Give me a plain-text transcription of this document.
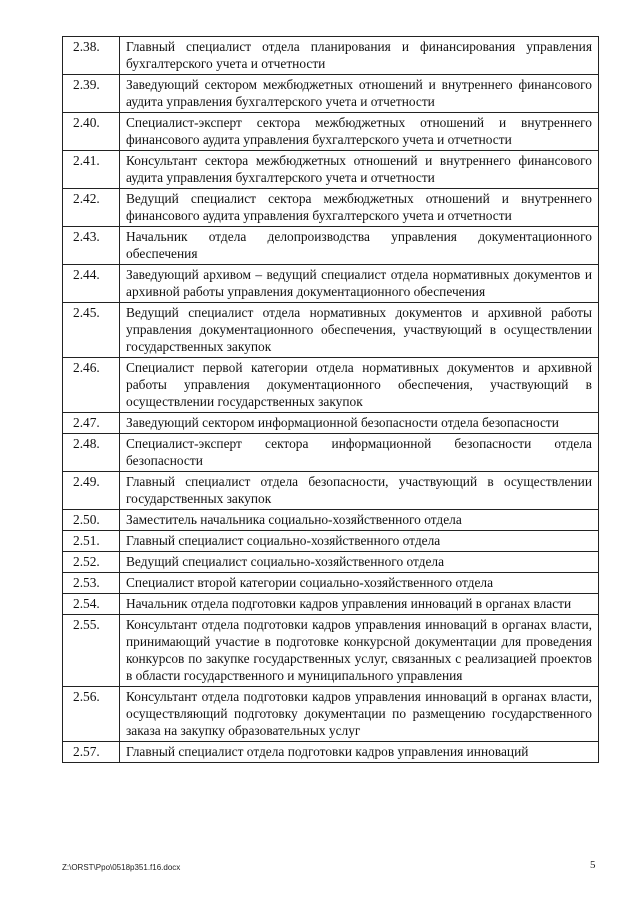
2.38.	Главный специалист отдела планирования и финансирования управления бухгалтерского учета и отчетности
2.39.	Заведующий сектором межбюджетных отношений и внутреннего финансового аудита управления бухгалтерского учета и отчетности
2.40.	Специалист-эксперт сектора межбюджетных отношений и внутреннего финансового аудита управления бухгалтерского учета и отчетности
2.41.	Консультант сектора межбюджетных отношений и внутреннего финансового аудита управления бухгалтерского учета и отчетности
2.42.	Ведущий специалист сектора межбюджетных отношений и внутреннего финансового аудита управления бухгалтерского учета и отчетности
2.43.	Начальник отдела делопроизводства управления документационного обеспечения
2.44.	Заведующий архивом – ведущий специалист отдела нормативных документов и архивной работы управления документационного обеспечения
2.45.	Ведущий специалист отдела нормативных документов и архивной работы управления документационного обеспечения, участвующий в осуществлении государственных закупок
2.46.	Специалист первой категории отдела нормативных документов и архивной работы управления документационного обеспечения, участвующий в осуществлении государственных закупок
2.47.	Заведующий сектором информационной безопасности отдела безопасности
2.48.	Специалист-эксперт сектора информационной безопасности отдела безопасности
2.49.	Главный специалист отдела безопасности, участвующий в осуществлении государственных закупок
2.50.	Заместитель начальника социально-хозяйственного отдела
2.51.	Главный специалист социально-хозяйственного отдела
2.52.	Ведущий специалист социально-хозяйственного отдела
2.53.	Специалист второй категории социально-хозяйственного отдела
2.54.	Начальник отдела подготовки кадров управления инноваций в органах власти
2.55.	Консультант отдела подготовки кадров управления инноваций в органах власти, принимающий участие в подготовке конкурсной документации для проведения конкурсов по закупке государственных услуг, связанных с реализацией проектов в области государственного и муниципального управления
2.56.	Консультант отдела подготовки кадров управления инноваций в органах власти, осуществляющий подготовку документации по размещению государственного заказа на закупку образовательных услуг
2.57.	Главный специалист отдела подготовки кадров управления инноваций
Z:\ORST\Ppo\0518p351.f16.docx	5
